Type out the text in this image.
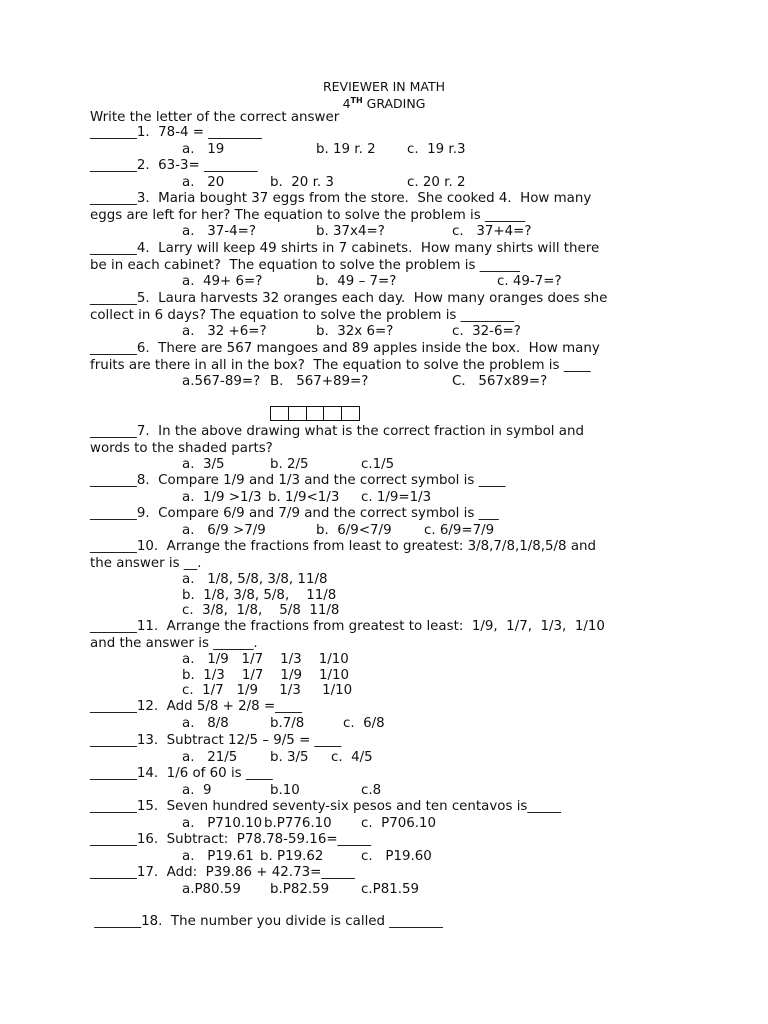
REVIEWER IN MATH
4TH GRADING
Write the letter of the correct answer
_______1.  78-4 = ________
a.   19	b. 19 r. 2 c.  19 r.3
_______2.  63-3= ________
a.   20	b.  20 r. 3	c. 20 r. 2
_______3.  Maria bought 37 eggs from the store.  She cooked 4.  How many
eggs are left for her? The equation to solve the problem is ______
a.   37-4=?	b. 37x4=?	c.   37+4=?
_______4.  Larry will keep 49 shirts in 7 cabinets.  How many shirts will there
be in each cabinet?  The equation to solve the problem is ______
a.  49+ 6=?	b.  49 – 7=?	c. 49-7=?
_______5.  Laura harvests 32 oranges each day.  How many oranges does she
collect in 6 days? The equation to solve the problem is ________
a.   32 +6=?	b.  32x 6=?	c.  32-6=?
_______6.  There are 567 mangoes and 89 apples inside the box.  How many
fruits are there in all in the box?  The equation to solve the problem is ____
a.567-89=? B.   567+89=?	C.   567x89=?
_______7.  In the above drawing what is the correct fraction in symbol and
words to the shaded parts?
a.  3/5	b. 2/5	c.1/5
_______8.  Compare 1/9 and 1/3 and the correct symbol is ____
a.  1/9 >1/3 b. 1/9<1/3 c. 1/9=1/3
_______9.  Compare 6/9 and 7/9 and the correct symbol is ___
a.   6/9 >7/9	b.  6/9<7/9 c. 6/9=7/9
_______10.  Arrange the fractions from least to greatest: 3/8,7/8,1/8,5/8 and
the answer is __.
a.   1/8, 5/8, 3/8, 11/8
b.  1/8, 3/8, 5/8,    11/8
c.  3/8,  1/8,    5/8  11/8
_______11.  Arrange the fractions from greatest to least:  1/9,  1/7,  1/3,  1/10
and the answer is ______.
a.   1/9   1/7    1/3    1/10
b.  1/3    1/7    1/9    1/10
c.  1/7   1/9     1/3     1/10
_______12.  Add 5/8 + 2/8 =____
a.   8/8	b.7/8	c.  6/8
_______13.  Subtract 12/5 – 9/5 = ____
a.   21/5 b. 3/5 c.  4/5
_______14.  1/6 of 60 is ____
a.  9	b.10	c.8
_______15.  Seven hundred seventy-six pesos and ten centavos is_____
a.   P710.10 b.P776.10 c.  P706.10
_______16.  Subtract:  P78.78-59.16=_____
a.   P19.61 b. P19.62	c.   P19.60
_______17.  Add:  P39.86 + 42.73=_____
a.P80.59 b.P82.59 c.P81.59
_______18.  The number you divide is called ________
